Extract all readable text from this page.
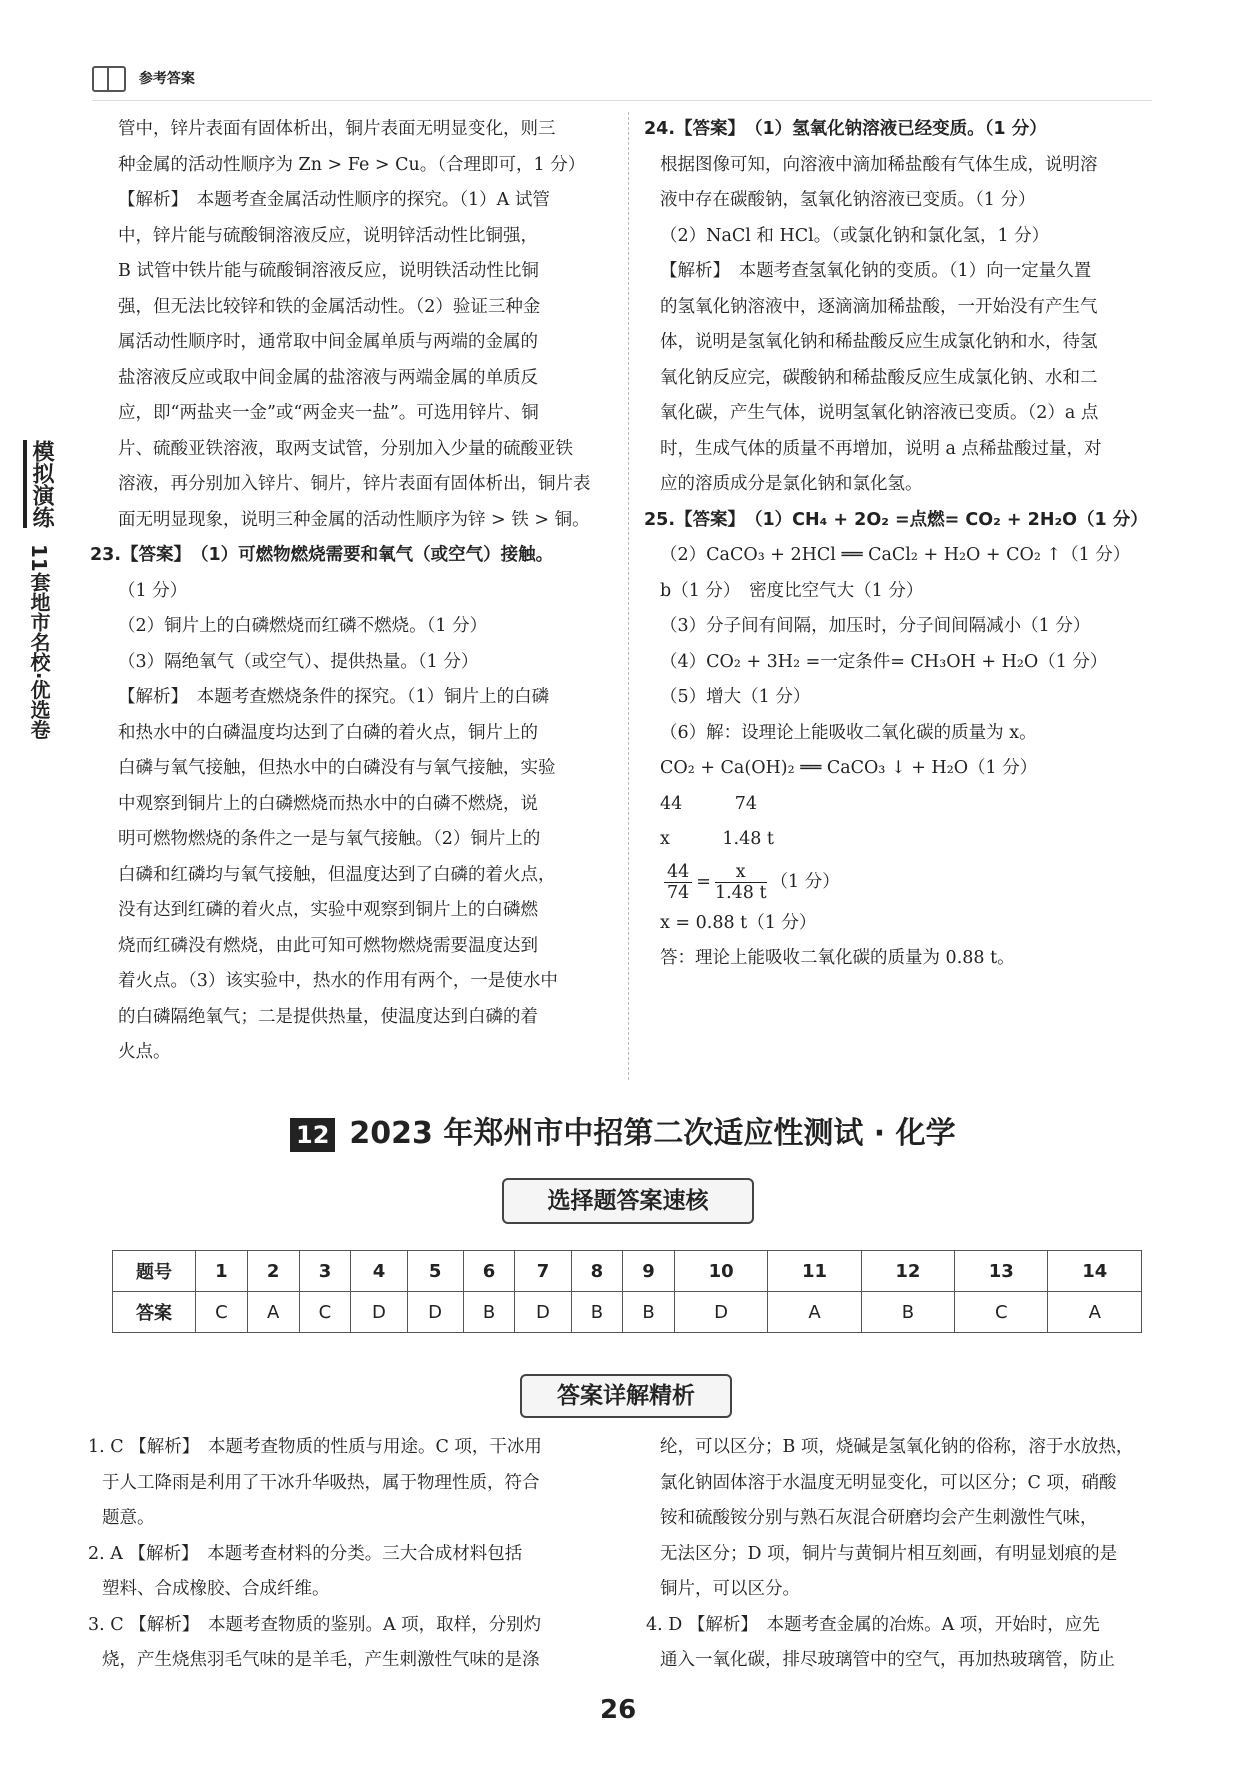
参考答案
模拟演练
11套地市名校·优选卷

管中，锌片表面有固体析出，铜片表面无明显变化，则三

种金属的活动性顺序为 Zn > Fe > Cu。（合理即可，1 分）

【解析】　本题考查金属活动性顺序的探究。（1）A 试管

中，锌片能与硫酸铜溶液反应，说明锌活动性比铜强，

B 试管中铁片能与硫酸铜溶液反应，说明铁活动性比铜

强，但无法比较锌和铁的金属活动性。（2）验证三种金

属活动性顺序时，通常取中间金属单质与两端的金属的

盐溶液反应或取中间金属的盐溶液与两端金属的单质反

应，即“两盐夹一金”或“两金夹一盐”。可选用锌片、铜

片、硫酸亚铁溶液，取两支试管，分别加入少量的硫酸亚铁

溶液，再分别加入锌片、铜片，锌片表面有固体析出，铜片表

面无明显现象，说明三种金属的活动性顺序为锌 > 铁 > 铜。

23.【答案】　（1）可燃物燃烧需要和氧气（或空气）接触。

（1 分）

（2）铜片上的白磷燃烧而红磷不燃烧。（1 分）

（3）隔绝氧气（或空气）、提供热量。（1 分）

【解析】　本题考查燃烧条件的探究。（1）铜片上的白磷

和热水中的白磷温度均达到了白磷的着火点，铜片上的

白磷与氧气接触，但热水中的白磷没有与氧气接触，实验

中观察到铜片上的白磷燃烧而热水中的白磷不燃烧，说

明可燃物燃烧的条件之一是与氧气接触。（2）铜片上的

白磷和红磷均与氧气接触，但温度达到了白磷的着火点，

没有达到红磷的着火点，实验中观察到铜片上的白磷燃

烧而红磷没有燃烧，由此可知可燃物燃烧需要温度达到

着火点。（3）该实验中，热水的作用有两个，一是使水中

的白磷隔绝氧气；二是提供热量，使温度达到白磷的着

火点。

24.【答案】　（1）氢氧化钠溶液已经变质。（1 分）

根据图像可知，向溶液中滴加稀盐酸有气体生成，说明溶

液中存在碳酸钠，氢氧化钠溶液已变质。（1 分）

（2）NaCl 和 HCl。（或氯化钠和氯化氢，1 分）

【解析】　本题考查氢氧化钠的变质。（1）向一定量久置

的氢氧化钠溶液中，逐滴滴加稀盐酸，一开始没有产生气

体，说明是氢氧化钠和稀盐酸反应生成氯化钠和水，待氢

氧化钠反应完，碳酸钠和稀盐酸反应生成氯化钠、水和二

氧化碳，产生气体，说明氢氧化钠溶液已变质。（2）a 点

时，生成气体的质量不再增加，说明 a 点稀盐酸过量，对

应的溶质成分是氯化钠和氯化氢。

25.【答案】　（1）CH₄ + 2O₂ =点燃= CO₂ + 2H₂O（1 分）

（2）CaCO₃ + 2HCl ══ CaCl₂ + H₂O + CO₂ ↑（1 分）

b（1 分）　密度比空气大（1 分）

（3）分子间有间隔，加压时，分子间间隔减小（1 分）

（4）CO₂ + 3H₂ =一定条件= CH₃OH + H₂O（1 分）

（5）增大（1 分）

（6）解：设理论上能吸收二氧化碳的质量为 x。

CO₂ + Ca(OH)₂ ══ CaCO₃ ↓ + H₂O（1 分）

44　　　74

x　　　1.48 t

$\frac{44}{74} = \frac{x}{1.48 t} (1$ 分）

x = 0.88 t（1 分）

答：理论上能吸收二氧化碳的质量为 0.88 t。

12 2023 年郑州市中招第二次适应性测试 · 化学
选择题答案速核
题号	1	2	3	4	5	6	7	8	9	10	11	12	13	14
答案	C	A	C	D	D	B	D	B	B	D	A	B	C	A
答案详解精析

1. C 【解析】　本题考查物质的性质与用途。C 项，干冰用

于人工降雨是利用了干冰升华吸热，属于物理性质，符合

题意。

2. A 【解析】　本题考查材料的分类。三大合成材料包括

塑料、合成橡胶、合成纤维。

3. C 【解析】　本题考查物质的鉴别。A 项，取样，分别灼

烧，产生烧焦羽毛气味的是羊毛，产生刺激性气味的是涤

纶，可以区分；B 项，烧碱是氢氧化钠的俗称，溶于水放热，

氯化钠固体溶于水温度无明显变化，可以区分；C 项，硝酸

铵和硫酸铵分别与熟石灰混合研磨均会产生刺激性气味，

无法区分；D 项，铜片与黄铜片相互刻画，有明显划痕的是

铜片，可以区分。

4. D 【解析】　本题考查金属的冶炼。A 项，开始时，应先

通入一氧化碳，排尽玻璃管中的空气，再加热玻璃管，防止

26
